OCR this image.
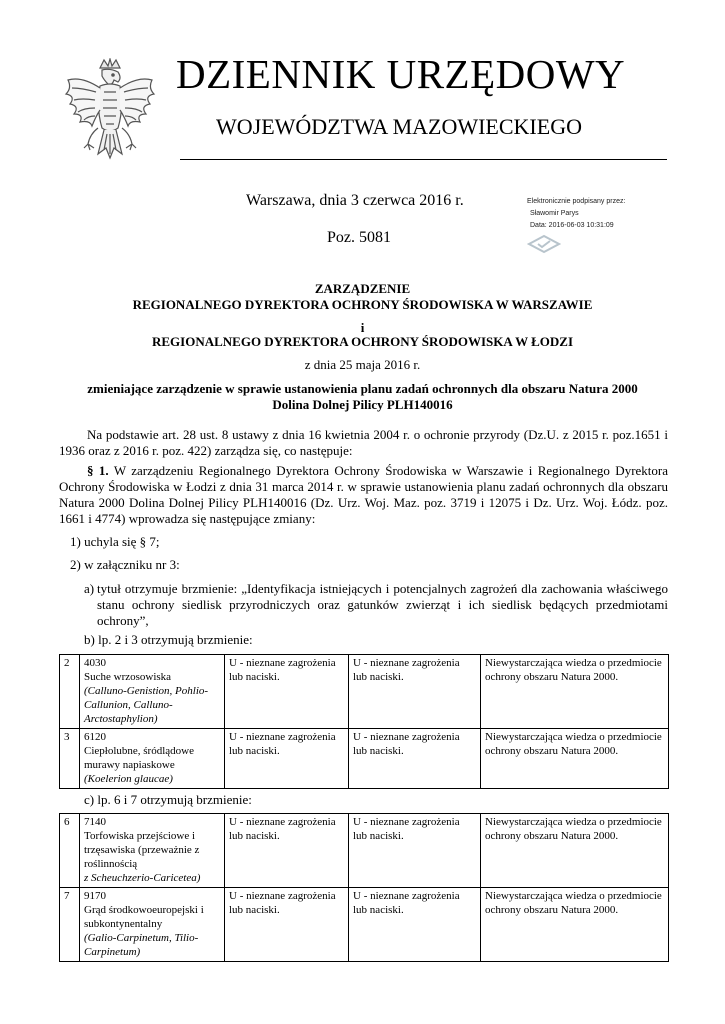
DZIENNIK URZĘDOWY
WOJEWÓDZTWA MAZOWIECKIEGO
Warszawa, dnia 3 czerwca 2016 r.
Poz. 5081
Elektronicznie podpisany przez:
Sławomir Parys
Data: 2016-06-03 10:31:09
ZARZĄDZENIE
REGIONALNEGO DYREKTORA OCHRONY ŚRODOWISKA W WARSZAWIE
i
REGIONALNEGO DYREKTORA OCHRONY ŚRODOWISKA W ŁODZI
z dnia 25 maja 2016 r.
zmieniające zarządzenie w sprawie ustanowienia planu zadań ochronnych dla obszaru Natura 2000
Dolina Dolnej Pilicy PLH140016
Na podstawie art. 28 ust. 8 ustawy z dnia 16 kwietnia 2004 r. o ochronie przyrody (Dz.U. z 2015 r. poz.1651 i 1936 oraz z 2016 r. poz. 422) zarządza się, co następuje:
§ 1. W zarządzeniu Regionalnego Dyrektora Ochrony Środowiska w Warszawie i Regionalnego Dyrektora Ochrony Środowiska w Łodzi z dnia 31 marca 2014 r. w sprawie ustanowienia planu zadań ochronnych dla obszaru Natura 2000 Dolina Dolnej Pilicy PLH140016 (Dz. Urz. Woj. Maz. poz. 3719 i 12075 i Dz. Urz. Woj. Łódz. poz. 1661 i 4774) wprowadza się następujące zmiany:
1) uchyla się § 7;
2) w załączniku nr 3:
a) tytuł otrzymuje brzmienie: „Identyfikacja istniejących i potencjalnych zagrożeń dla zachowania właściwego stanu ochrony siedlisk przyrodniczych oraz gatunków zwierząt i ich siedlisk będących przedmiotami ochrony”,
b) lp. 2 i 3 otrzymują brzmienie:
2	4030
Suche wrzosowiska
(Calluno-Genistion, Pohlio-Callunion, Calluno-Arctostaphylion)	U - nieznane zagrożenia lub naciski.	U - nieznane zagrożenia lub naciski.	Niewystarczająca wiedza o przedmiocie ochrony obszaru Natura 2000.
3	6120
Ciepłolubne, śródlądowe murawy napiaskowe
(Koelerion glaucae)	U - nieznane zagrożenia lub naciski.	U - nieznane zagrożenia lub naciski.	Niewystarczająca wiedza o przedmiocie ochrony obszaru Natura 2000.
c) lp. 6 i 7 otrzymują brzmienie:
6	7140
Torfowiska przejściowe i trzęsawiska (przeważnie z roślinnością
z Scheuchzerio-Caricetea)	U - nieznane zagrożenia lub naciski.	U - nieznane zagrożenia lub naciski.	Niewystarczająca wiedza o przedmiocie ochrony obszaru Natura 2000.
7	9170
Grąd środkowoeuropejski i subkontynentalny
(Galio-Carpinetum, Tilio-Carpinetum)	U - nieznane zagrożenia lub naciski.	U - nieznane zagrożenia lub naciski.	Niewystarczająca wiedza o przedmiocie ochrony obszaru Natura 2000.
